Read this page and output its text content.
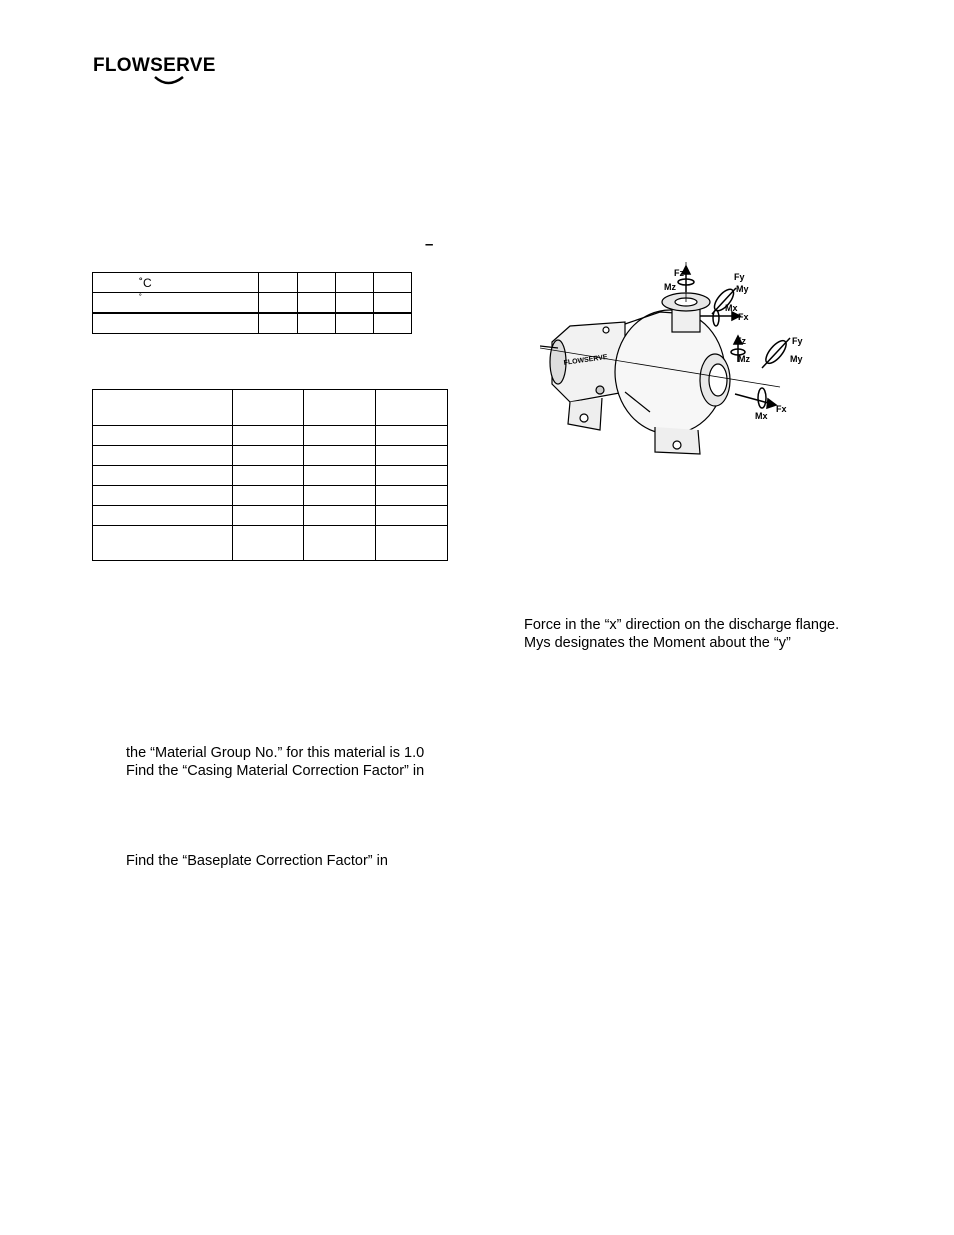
FLOWSERVE
–
˚C				
˚				

FLOWSERVE
Fz
Mz
Fy
My
Mx
Fx
Fz
Mz
Fy
My
Fx
Mx
Force in the “x” direction on the discharge flange.
Mys designates the Moment about the “y”
the “Material Group No.” for this material is 1.0
Find the “Casing Material Correction Factor” in
Find the “Baseplate Correction Factor” in
